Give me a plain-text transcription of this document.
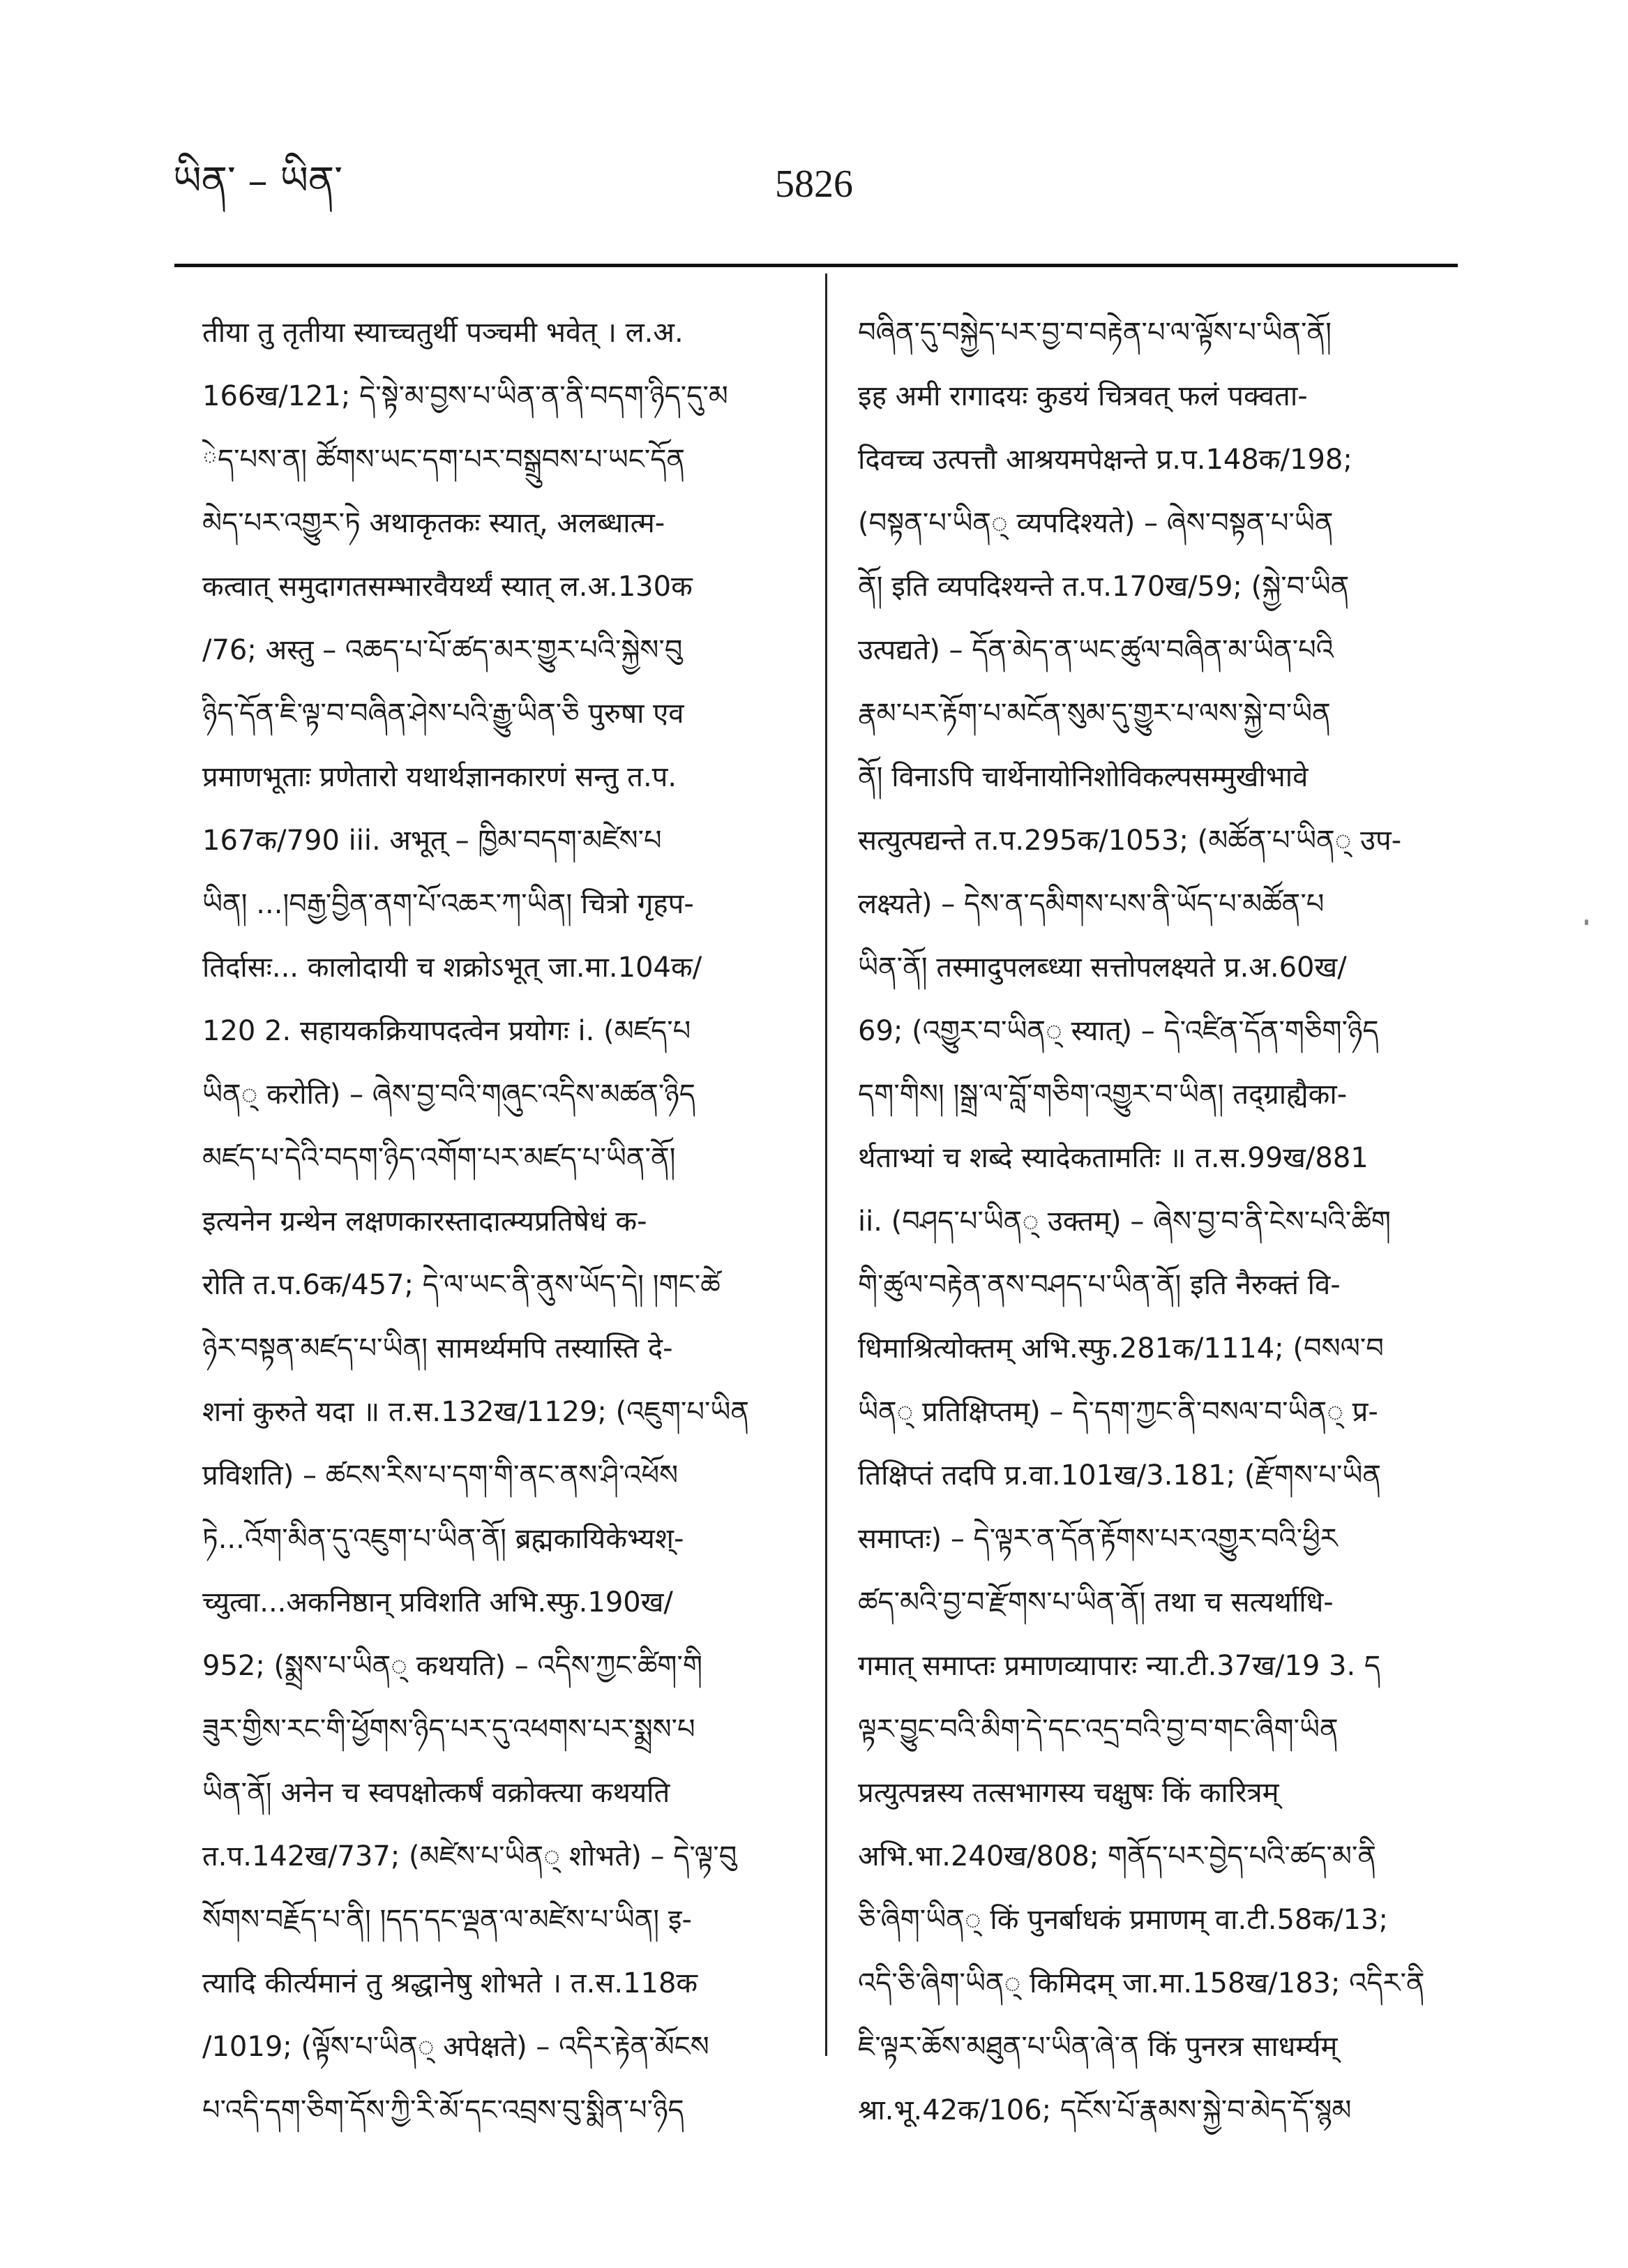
ཡིན་ – ཡིན་	5826
तीया तु तृतीया स्याच्चतुर्थी पञ्चमी भवेत् । ल.अ.
166ख/121; དེ་སྟེ་མ་བྱས་པ་ཡིན་ན་ནི་བདག་ཉིད་དུ་མ
ེད་པས་ན། ཚོགས་ཡང་དག་པར་བསྒྲུབས་པ་ཡང་དོན
མེད་པར་འགྱུར་ཏེ अथाकृतकः स्यात्, अलब्धात्म-
कत्वात् समुदागतसम्भारवैयर्थ्यं स्यात् ल.अ.130क
/76; अस्तु – འཆད་པ་པོ་ཚད་མར་གྱུར་པའི་སྐྱེས་བུ
ཉིད་དོན་ཇི་ལྟ་བ་བཞིན་ཤེས་པའི་རྒྱུ་ཡིན་ཅི पुरुषा एव
प्रमाणभूताः प्रणेतारो यथार्थज्ञानकारणं सन्तु त.प.
167क/790 iii. अभूत् – ཁྱིམ་བདག་མཛེས་པ
ཡིན། ...།བརྒྱ་བྱིན་ནག་པོ་འཆར་ཀ་ཡིན། चित्रो गृहप-
तिर्दासः... कालोदायी च शक्रोऽभूत् जा.मा.104क/
120 2. सहायकक्रियापदत्वेन प्रयोगः i. (མཛད་པ
ཡིན् करोति) – ཞེས་བྱ་བའི་གཞུང་འདིས་མཚན་ཉིད
མཛད་པ་དེའི་བདག་ཉིད་འགོག་པར་མཛད་པ་ཡིན་ནོ།
इत्यनेन ग्रन्थेन लक्षणकारस्तादात्म्यप्रतिषेधं क-
रोति त.प.6क/457; དེ་ལ་ཡང་ནི་ནུས་ཡོད་དེ། །གང་ཚེ
ཉེར་བསྟན་མཛད་པ་ཡིན། सामर्थ्यमपि तस्यास्ति दे-
शनां कुरुते यदा ॥ त.स.132ख/1129; (འཇུག་པ་ཡིན
प्रविशति) – ཚངས་རིས་པ་དག་གི་ནང་ནས་ཤི་འཕོས
ཏེ...འོག་མིན་དུ་འཇུག་པ་ཡིན་ནོ། ब्रह्मकायिकेभ्यश्-
च्युत्वा...अकनिष्ठान् प्रविशति अभि.स्फु.190ख/
952; (སྨྲས་པ་ཡིན् कथयति) – འདིས་ཀྱང་ཚིག་གི
ཟུར་གྱིས་རང་གི་ཕྱོགས་ཉིད་པར་དུ་འཕགས་པར་སྨྲས་པ
ཡིན་ནོ། अनेन च स्वपक्षोत्कर्षं वक्रोक्त्या कथयति
त.प.142ख/737; (མཛེས་པ་ཡིན् शोभते) – དེ་ལྟ་བུ
སོགས་བརྗོད་པ་ནི། །དད་དང་ལྡན་ལ་མཛེས་པ་ཡིན། इ-
त्यादि कीर्त्यमानं तु श्रद्धानेषु शोभते । त.स.118क
/1019; (ལྟོས་པ་ཡིན् अपेक्षते) – འདིར་རྟེན་མོངས
པ་འདི་དག་ཅིག་དོས་ཀྱི་རི་མོ་དང་འབྲས་བུ་སྨིན་པ་ཉིད
བཞིན་དུ་བསྐྱེད་པར་བྱ་བ་བརྟེན་པ་ལ་ལྟོས་པ་ཡིན་ནོ།
इह अमी रागादयः कुडयं चित्रवत् फलं पक्वता-
दिवच्च उत्पत्तौ आश्रयमपेक्षन्ते प्र.प.148क/198;
(བསྟན་པ་ཡིན् व्यपदिश्यते) – ཞེས་བསྟན་པ་ཡིན
ནོ། इति व्यपदिश्यन्ते त.प.170ख/59; (སྐྱེ་བ་ཡིན
उत्पद्यते) – དོན་མེད་ན་ཡང་ཚུལ་བཞིན་མ་ཡིན་པའི
རྣམ་པར་རྟོག་པ་མངོན་སུམ་དུ་གྱུར་པ་ལས་སྐྱེ་བ་ཡིན
ནོ། विनाऽपि चार्थेनायोनिशोविकल्पसम्मुखीभावे
सत्युत्पद्यन्ते त.प.295क/1053; (མཚོན་པ་ཡིན् उप-
लक्ष्यते) – དེས་ན་དམིགས་པས་ནི་ཡོད་པ་མཚོན་པ
ཡིན་ནོ། तस्मादुपलब्ध्या सत्तोपलक्ष्यते प्र.अ.60ख/
69; (འགྱུར་བ་ཡིན् स्यात्) – དེ་འཛིན་དོན་གཅིག་ཉིད
དག་གིས། །སྒྲ་ལ་བློ་གཅིག་འགྱུར་བ་ཡིན། तद्ग्राह्यैका-
र्थताभ्यां च शब्दे स्यादेकतामतिः ॥ त.स.99ख/881
ii. (བཤད་པ་ཡིན् उक्तम्) – ཞེས་བྱ་བ་ནི་ངེས་པའི་ཚིག
གི་ཚུལ་བརྟེན་ནས་བཤད་པ་ཡིན་ནོ། इति नैरुक्तं वि-
धिमाश्रित्योक्तम् अभि.स्फु.281क/1114; (བསལ་བ
ཡིན् प्रतिक्षिप्तम्) – དེ་དག་ཀྱང་ནི་བསལ་བ་ཡིན् प्र-
तिक्षिप्तं तदपि प्र.वा.101ख/3.181; (རྫོགས་པ་ཡིན
समाप्तः) – དེ་ལྟར་ན་དོན་རྟོགས་པར་འགྱུར་བའི་ཕྱིར
ཚད་མའི་བྱ་བ་རྫོགས་པ་ཡིན་ནོ། तथा च सत्यर्थाधि-
गमात् समाप्तः प्रमाणव्यापारः न्या.टी.37ख/19 3. ད
ལྟར་བྱུང་བའི་མིག་དེ་དང་འདྲ་བའི་བྱ་བ་གང་ཞིག་ཡིན
प्रत्युत्पन्नस्य तत्सभागस्य चक्षुषः किं कारित्रम्
अभि.भा.240ख/808; གནོད་པར་བྱེད་པའི་ཚད་མ་ནི
ཅི་ཞིག་ཡིན् किं पुनर्बाधकं प्रमाणम् वा.टी.58क/13;
འདི་ཅི་ཞིག་ཡིན् किमिदम् जा.मा.158ख/183; འདིར་ནི
ཇི་ལྟར་ཆོས་མཐུན་པ་ཡིན་ཞེ་ན किं पुनरत्र साधर्म्यम्
श्रा.भू.42क/106; དངོས་པོ་རྣམས་སྐྱེ་བ་མེད་དོ་སྙམ
